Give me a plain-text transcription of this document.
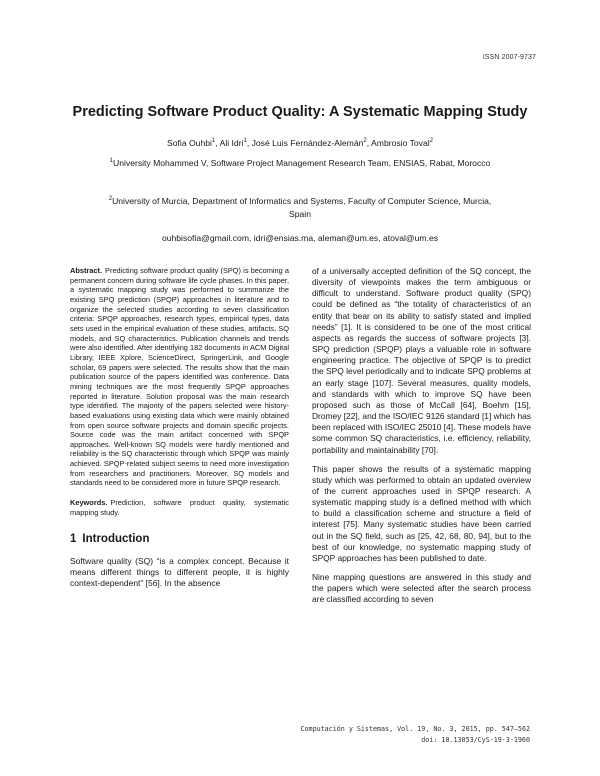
ISSN 2007-9737
Predicting Software Product Quality: A Systematic Mapping Study
Sofia Ouhbi$^1$, Ali Idri$^1$, José Luis Fernández-Alemán$^2$, Ambrosio Toval$^2$
$^1$University Mohammed V, Software Project Management Research Team, ENSIAS, Rabat, Morocco
$^2$University of Murcia, Department of Informatics and Systems, Faculty of Computer Science, Murcia, Spain
ouhbisofia@gmail.com, idri@ensias.ma, aleman@um.es, atoval@um.es

Abstract. Predicting software product quality (SPQ) is becoming a permanent concern during software life cycle phases. In this paper, a systematic mapping study was performed to summarize the existing SPQ prediction (SPQP) approaches in literature and to organize the selected studies according to seven classification criteria: SPQP approaches, research types, empirical types, data sets used in the empirical evaluation of these studies, artifacts, SQ models, and SQ characteristics. Publication channels and trends were also identified. After identifying 182 documents in ACM Digital Library, IEEE Xplore, ScienceDirect, SpringerLink, and Google scholar, 69 papers were selected. The results show that the main publication source of the papers identified was conference. Data mining techniques are the most frequently SPQP approaches reported in literature. Solution proposal was the main research type identified. The majority of the papers selected were history-based evaluations using existing data which were mainly obtained from open source software projects and domain specific projects. Source code was the main artifact concerned with SPQP approaches. Well-known SQ models were hardly mentioned and reliability is the SQ characteristic through which SPQP was mainly achieved. SPQP-related subject seems to need more investigation from researchers and practitioners. Moreover, SQ models and standards need to be considered more in future SPQP research.

Keywords. Prediction, software product quality, systematic mapping study.

1 Introduction

Software quality (SQ) “is a complex concept. Because it means different things to different people, it is highly context-dependent” [56]. In the absence

of a universally accepted definition of the SQ concept, the diversity of viewpoints makes the term ambiguous or difficult to understand. Software product quality (SPQ) could be defined as “the totality of characteristics of an entity that bear on its ability to satisfy stated and implied needs” [1]. It is considered to be one of the most critical aspects as regards the success of software projects [3]. SPQ prediction (SPQP) plays a valuable role in software engineering practice. The objective of SPQP is to predict the SPQ level periodically and to indicate SPQ problems at an early stage [107]. Several measures, quality models, and standards with which to improve SQ have been proposed such as those of McCall [64], Boehm [15], Dromey [22], and the ISO/IEC 9126 standard [1] which has been replaced with ISO/IEC 25010 [4]. These models have some common SQ characteristics, i.e. efficiency, reliability, portability and maintainability [70].

This paper shows the results of a systematic mapping study which was performed to obtain an updated overview of the current approaches used in SPQP research. A systematic mapping study is a defined method with which to build a classification scheme and structure a field of interest [75]. Many systematic studies have been carried out in the SQ field, such as [25, 42, 68, 80, 94], but to the best of our knowledge, no systematic mapping study of SPQP approaches has been published to date.

Nine mapping questions are answered in this study and the papers which were selected after the search process are classified according to seven

Computación y Sistemas, Vol. 19, No. 3, 2015, pp. 547–562
doi: 10.13053/CyS-19-3-1960
